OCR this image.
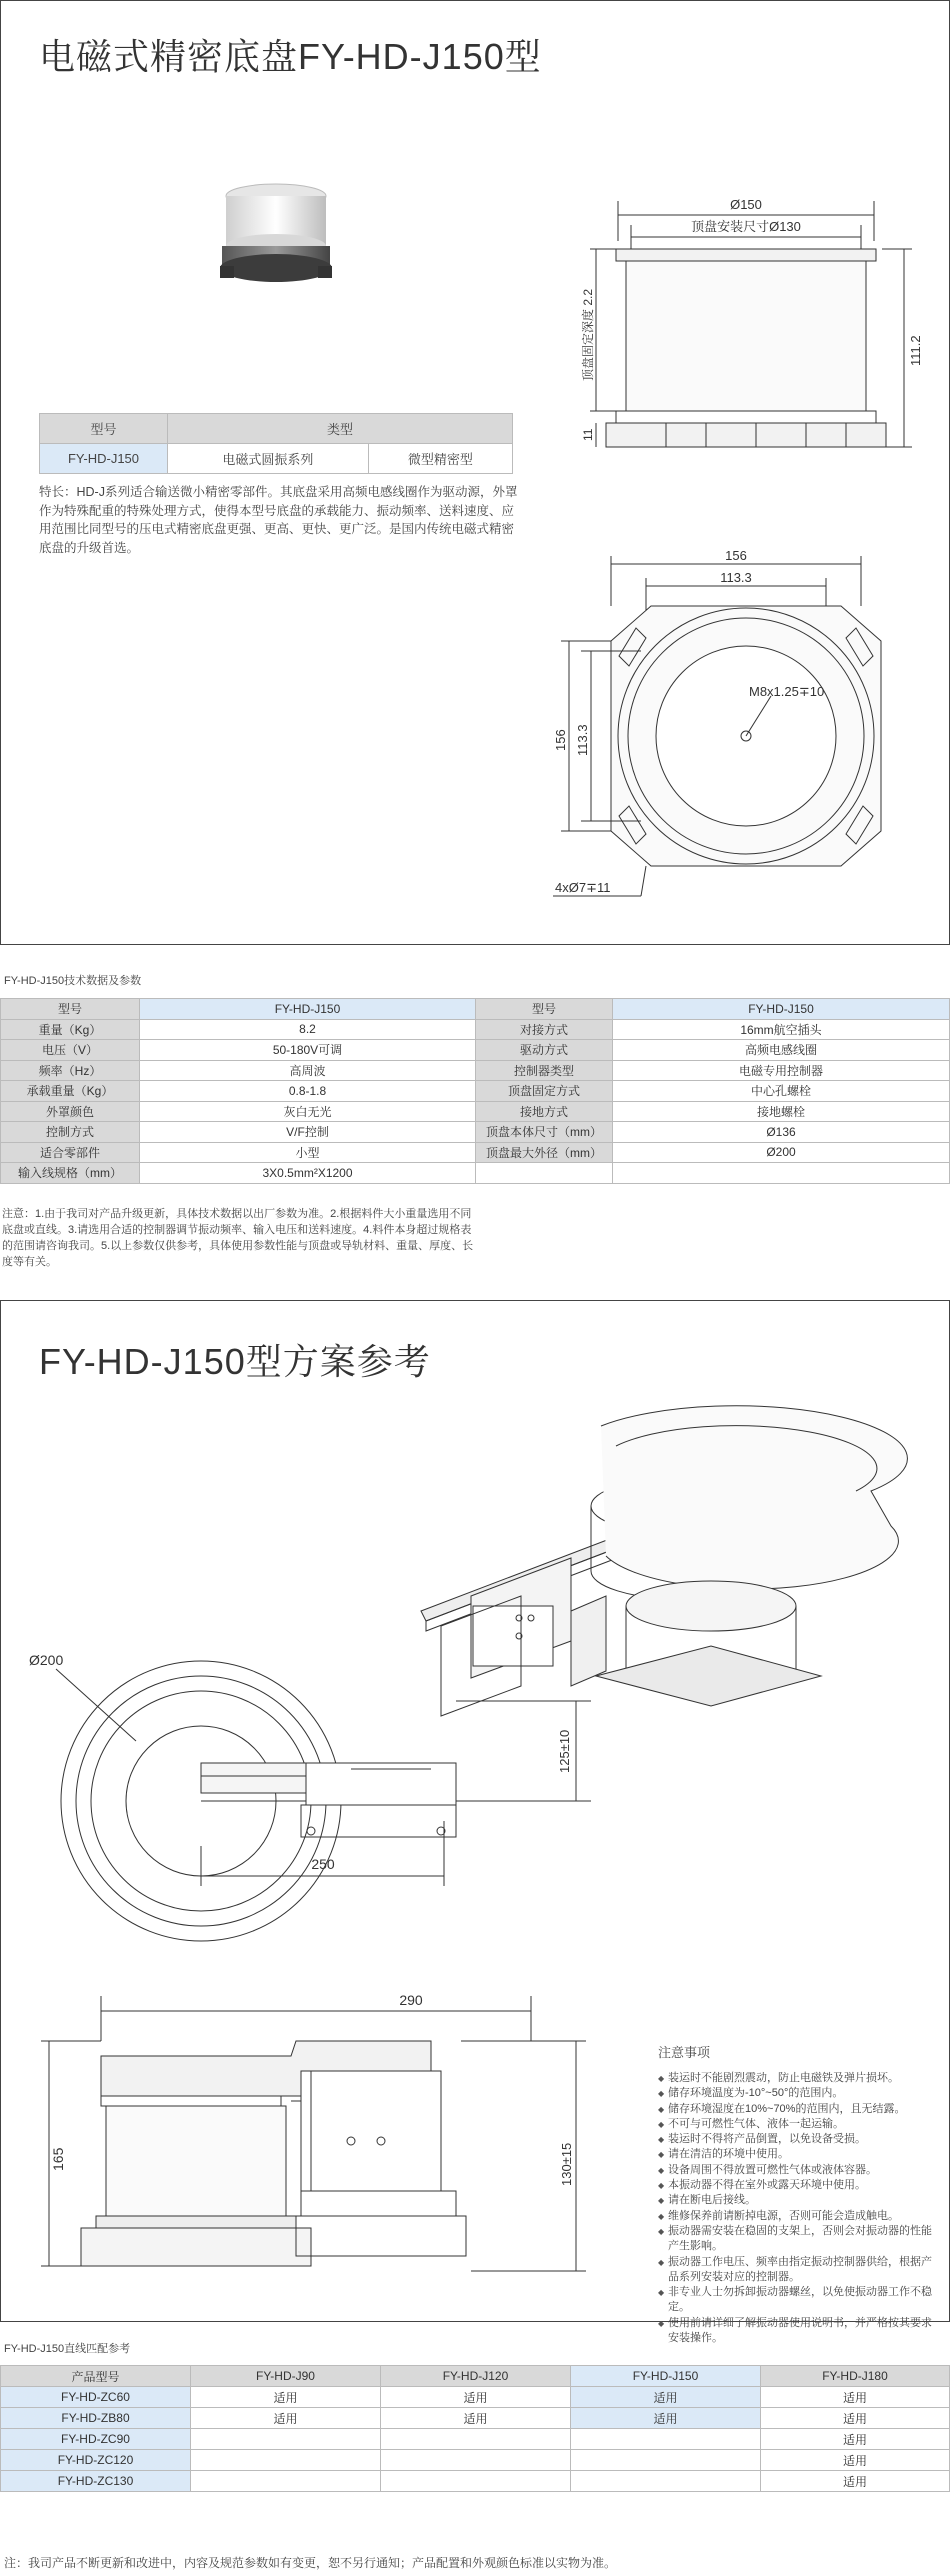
电磁式精密底盘FY-HD-J150型
型号	类型	
FY-HD-J150	电磁式圆振系列	微型精密型

特长：HD-J系列适合输送微小精密零部件。其底盘采用高频电感线圈作为驱动源，外罩作为特殊配重的特殊处理方式，使得本型号底盘的承载能力、振动频率、送料速度、应用范围比同型号的压电式精密底盘更强、更高、更快、更广泛。是国内传统电磁式精密底盘的升级首选。

Ø150
顶盘安装尺寸Ø130
顶盘固定深度 2.2	111.2
11
156
113.3
156 113.3
M8x1.25∓10
4xØ7∓11
FY-HD-J150技术数据及参数
型号	FY-HD-J150	型号	FY-HD-J150
重量（Kg）	8.2	对接方式	16mm航空插头
电压（V）	50-180V可调	驱动方式	高频电感线圈
频率（Hz）	高周波	控制器类型	电磁专用控制器
承载重量（Kg）	0.8-1.8	顶盘固定方式	中心孔螺栓
外罩颜色	灰白无光	接地方式	接地螺栓
控制方式	V/F控制	顶盘本体尺寸（mm）	Ø136
适合零部件	小型	顶盘最大外径（mm）	Ø200
输入线规格（mm）	3X0.5mm²X1200		

注意：1.由于我司对产品升级更新，具体技术数据以出厂参数为准。2.根据料件大小重量选用不同底盘或直线。3.请选用合适的控制器调节振动频率、输入电压和送料速度。4.料件本身超过规格表的范围请咨询我司。5.以上参数仅供参考，具体使用参数性能与顶盘或导轨材料、重量、厚度、长度等有关。

FY-HD-J150型方案参考
Ø200
250
125±10
290
165	130±15
注意事项
◆ 装运时不能剧烈震动，防止电磁铁及弹片损坏。
◆ 储存环境温度为-10°~50°的范围内。
◆ 储存环境湿度在10%~70%的范围内，且无结露。
◆ 不可与可燃性气体、液体一起运输。
◆ 装运时不得将产品倒置，以免设备受损。
◆ 请在清洁的环境中使用。
◆ 设备周围不得放置可燃性气体或液体容器。
◆ 本振动器不得在室外或露天环境中使用。
◆ 请在断电后接线。
◆ 维修保养前请断掉电源，否则可能会造成触电。
◆ 振动器需安装在稳固的支架上，否则会对振动器的性能产生影响。
◆ 振动器工作电压、频率由指定振动控制器供给，根据产品系列安装对应的控制器。
◆ 非专业人士勿拆卸振动器螺丝，以免使振动器工作不稳定。
◆ 使用前请详细了解振动器使用说明书，并严格按其要求安装操作。
FY-HD-J150直线匹配参考
产品型号	FY-HD-J90	FY-HD-J120	FY-HD-J150	FY-HD-J180
FY-HD-ZC60	适用	适用	适用	适用
FY-HD-ZB80	适用	适用	适用	适用
FY-HD-ZC90				适用
FY-HD-ZC120				适用
FY-HD-ZC130				适用
注：我司产品不断更新和改进中，内容及规范参数如有变更，恕不另行通知；产品配置和外观颜色标准以实物为准。
